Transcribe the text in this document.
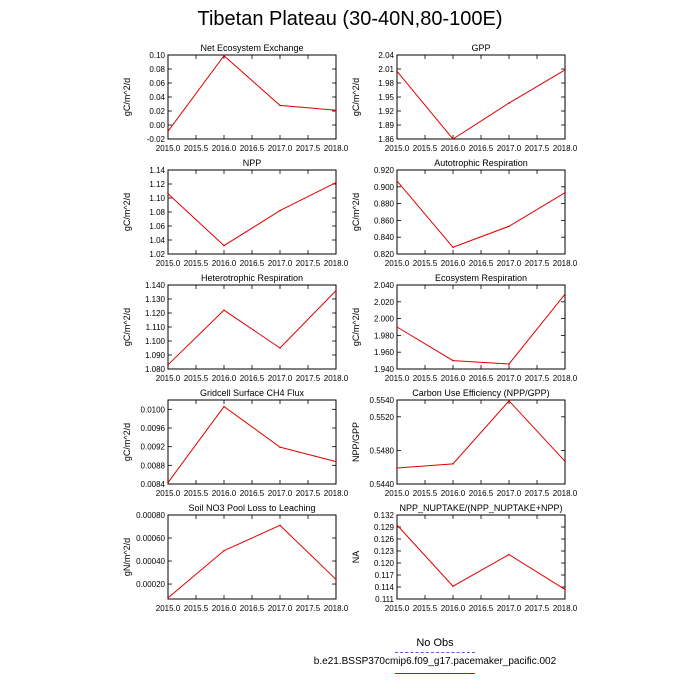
Tibetan Plateau (30-40N,80-100E)
Net Ecosystem Exchange
2015.0 2015.5 2016.0 2016.5 2017.0 2017.5 2018.0
-0.02
0.00
0.02
0.04
0.06
0.08
0.10
gC/m^2/d
GPP
2015.0 2015.5 2016.0 2016.5 2017.0 2017.5 2018.0
1.86
1.89
1.92
1.95
1.98
2.01
2.04
gC/m^2/d
NPP
2015.0 2015.5 2016.0 2016.5 2017.0 2017.5 2018.0
1.02
1.04
1.06
1.08
1.10
1.12
1.14
gC/m^2/d
Autotrophic Respiration
2015.0 2015.5 2016.0 2016.5 2017.0 2017.5 2018.0
0.820
0.840
0.860
0.880
0.900
0.920
gC/m^2/d
Heterotrophic Respiration
2015.0 2015.5 2016.0 2016.5 2017.0 2017.5 2018.0
1.080
1.090
1.100
1.110
1.120
1.130
1.140
gC/m^2/d
Ecosystem Respiration
2015.0 2015.5 2016.0 2016.5 2017.0 2017.5 2018.0
1.940
1.960
1.980
2.000
2.020
2.040
gC/m^2/d
Gridcell Surface CH4 Flux
2015.0 2015.5 2016.0 2016.5 2017.0 2017.5 2018.0
0.0084
0.0088
0.0092
0.0096
0.0100
gC/m^2/d
Carbon Use Efficiency (NPP/GPP)
2015.0 2015.5 2016.0 2016.5 2017.0 2017.5 2018.0
0.5440
0.5480
0.5520
0.5540
NPP/GPP
Soil NO3 Pool Loss to Leaching
2015.0 2015.5 2016.0 2016.5 2017.0 2017.5 2018.0
0.00020
0.00040
0.00060
0.00080
gN/m^2/d
NPP_NUPTAKE/(NPP_NUPTAKE+NPP)
2015.0 2015.5 2016.0 2016.5 2017.0 2017.5 2018.0
0.111
0.114
0.117
0.120
0.123
0.126
0.129
0.132
NA
No Obs
b.e21.BSSP370cmip6.f09_g17.pacemaker_pacific.002
